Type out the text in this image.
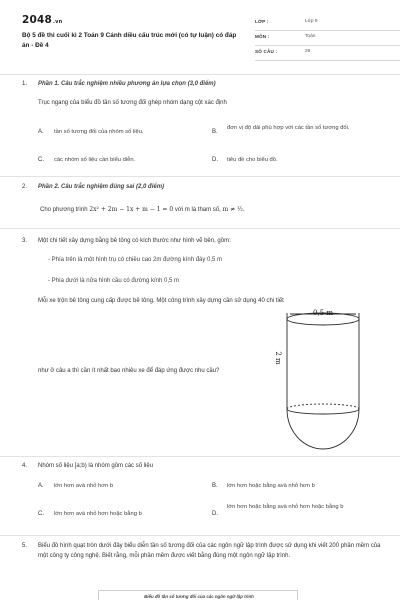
2048.vn
Bộ 5 đề thi cuối kì 2 Toán 9 Cánh diều cấu trúc mới (có tự luận) có đáp án - Đề 4
LỚP :	Lớp 9
MÔN :	Toán
SỐ CÂU :	28
1. Phần 1. Câu trắc nghiệm nhiều phương án lựa chọn (3,0 điểm)
Trục ngang của biểu đồ tần số tương đối ghép nhóm dạng cột xác định
A. tần số tương đối của nhóm số liệu.	B.
đơn vị độ dài phù hợp với các tần số tương đối.
C. các nhóm số liệu cần biểu diễn.	D. tiêu đề cho biểu đồ.
2. Phần 2. Câu trắc nghiệm đúng sai (2,0 điểm)
Cho phương trình 2x² + 2m − 1x + m − 1 = 0 với m là tham số, m ≠ ½.
3. Một chi tiết xây dựng bằng bê tông có kích thước như hình vẽ bên, gồm:
- Phía trên là một hình trụ có chiều cao 2m đường kính đáy 0,5 m
- Phía dưới là nửa hình cầu có đường kính 0,5 m
Mỗi xe trộn bê tông cung cấp được bê tông. Một công trình xây dựng cần sử dụng 40 chi tiết
như ở câu a thì cần ít nhất bao nhiêu xe để đáp ứng được nhu cầu?
0,5 m
2 m
4. Nhóm số liệu [a;b) là nhóm gồm các số liệu
A. lớn hơn avà nhỏ hơn b	B. lớn hơn hoặc bằng avà nhỏ hơn b
C. lớn hơn avà nhỏ hơn hoặc bằng b	D.
lớn hơn hoặc bằng avà nhỏ hơn hoặc bằng b
5. Biểu đồ hình quạt tròn dưới đây biểu diễn tần số tương đối của các ngôn ngữ lập trình được sử dụng khi viết 200 phần mềm của một công ty công nghệ. Biết rằng, mỗi phần mềm được viết bằng đúng một ngôn ngữ lập trình.
Biểu đồ tần số tương đối của các ngôn ngữ lập trình
